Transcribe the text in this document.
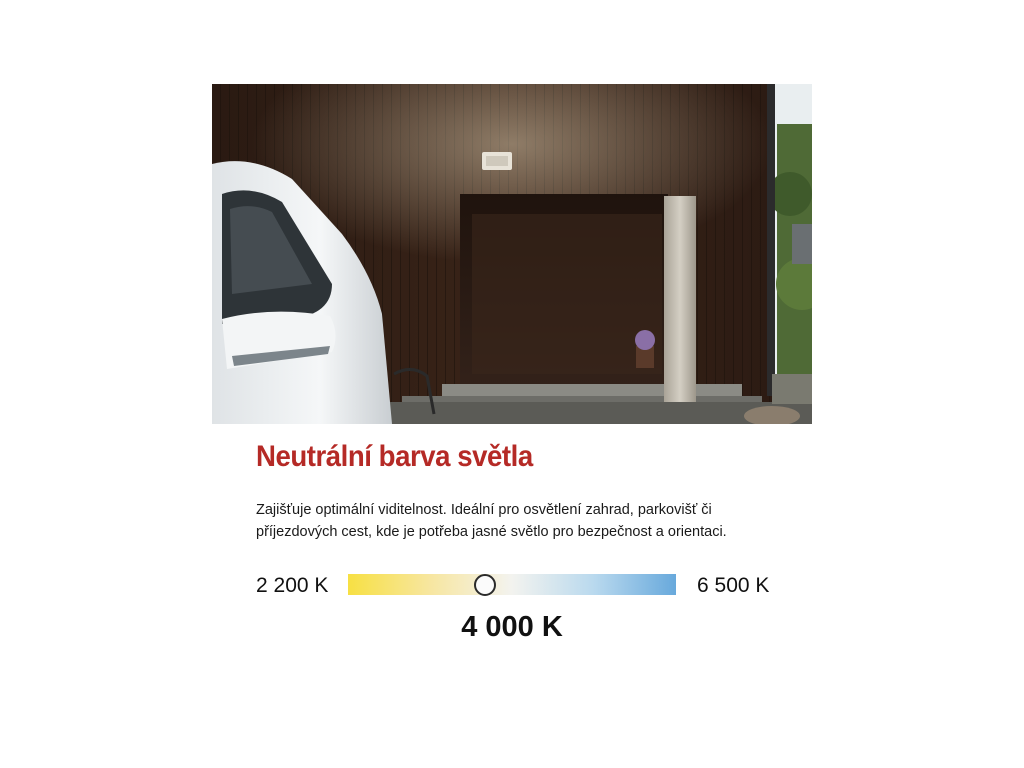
Neutrální barva světla

Zajišťuje optimální viditelnost. Ideální pro osvětlení zahrad, parkovišť či
příjezdových cest, kde je potřeba jasné světlo pro bezpečnost a orientaci.

2 200 K	6 500 K
4 000 K
